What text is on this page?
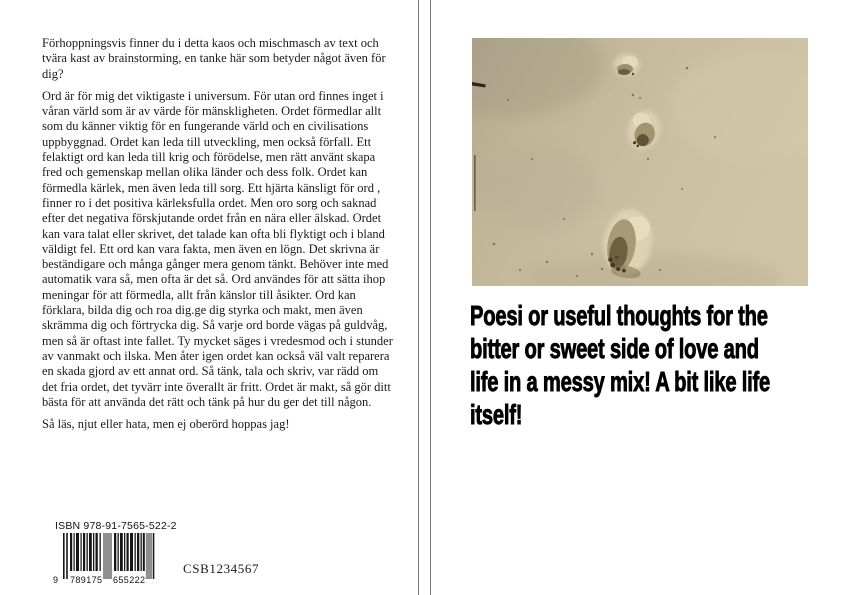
Förhoppningsvis finner du i detta kaos och mischmasch av text och tvära kast av brainstorming, en tanke här som betyder något även för dig?

Ord är för mig det viktigaste i universum. För utan ord finnes inget i våran värld som är av värde för mänskligheten. Ordet förmedlar allt som du känner viktig för en fungerande värld och en civilisations uppbyggnad. Ordet kan leda till utveckling, men också förfall. Ett felaktigt ord kan leda till krig och förödelse, men rätt använt skapa fred och gemenskap mellan olika länder och dess folk. Ordet kan förmedla kärlek, men även leda till sorg. Ett hjärta känsligt för ord , finner ro i det positiva kärleksfulla ordet. Men oro sorg och saknad efter det negativa förskjutande ordet från en nära eller älskad. Ordet kan vara talat eller skrivet, det talade kan ofta bli flyktigt och i bland väldigt fel. Ett ord kan vara fakta, men även en lögn. Det skrivna är beständigare och många gånger mera genom tänkt. Behöver inte med automatik vara så, men ofta är det så. Ord användes för att sätta ihop meningar för att förmedla, allt från känslor till åsikter. Ord kan förklara, bilda dig och roa dig.ge dig styrka och makt, men även skrämma dig och förtrycka dig. Så varje ord borde vägas på guldvåg, men så är oftast inte fallet. Ty mycket säges i vredesmod och i stunder av vanmakt och ilska. Men åter igen ordet kan också väl valt reparera en skada gjord av ett annat ord. Så tänk, tala och skriv, var rädd om det fria ordet, det tyvärr inte överallt är fritt. Ordet är makt, så gör ditt bästa för att använda det rätt och tänk på hur du ger det till någon.

Så läs, njut eller hata, men ej oberörd hoppas jag!

ISBN 978-91-7565-522-2
9 789175 655222
CSB1234567
Poesi or useful thoughts for the
bitter or sweet side of love and
life in a messy mix! A bit like life
itself!
